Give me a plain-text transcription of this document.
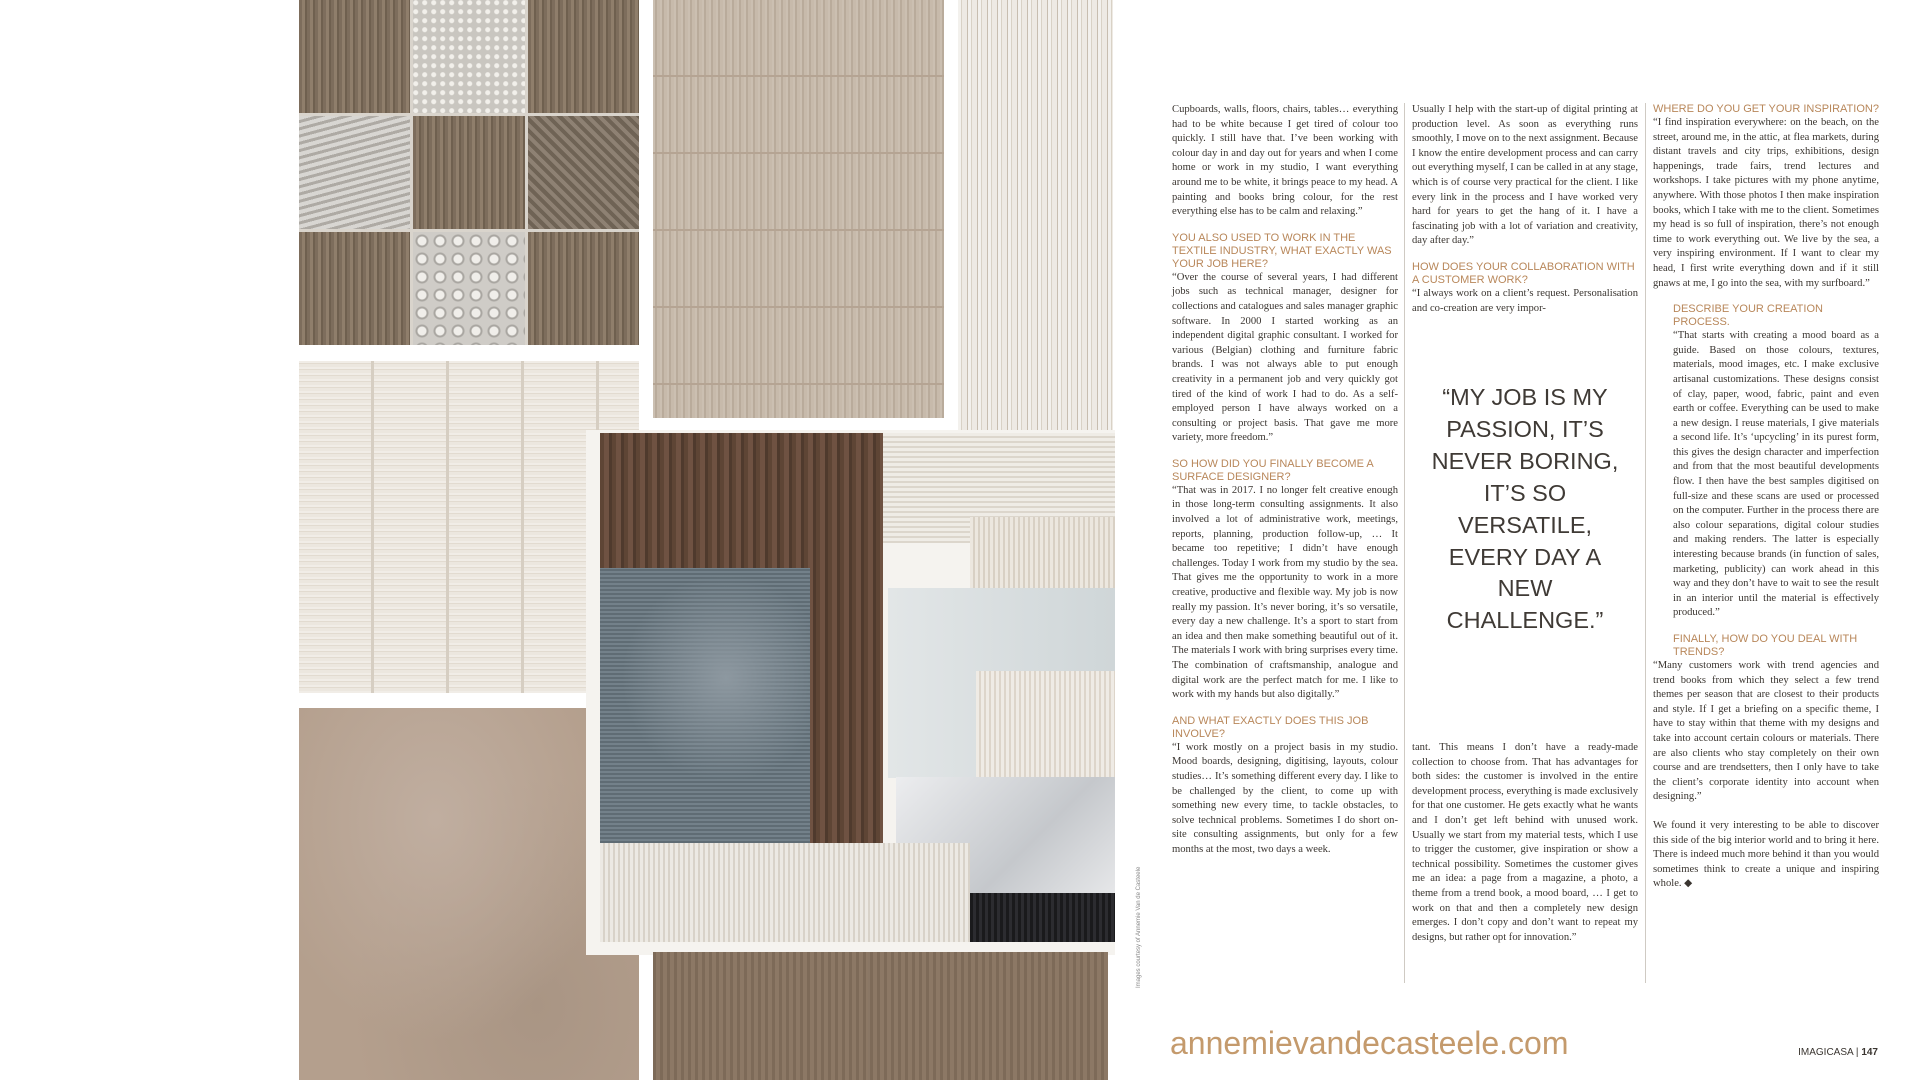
Images courtesy of Annemie Van de Casteele

Cupboards, walls, floors, chairs, tables… everything had to be white because I get tired of colour too quickly. I still have that. I’ve been working with colour day in and day out for years and when I come home or work in my studio, I want everything around me to be white, it brings peace to my head. A painting and books bring colour, for the rest everything else has to be calm and relaxing.”

YOU ALSO USED TO WORK IN THE TEXTILE INDUSTRY, WHAT EXACTLY WAS YOUR JOB HERE?

“Over the course of several years, I had different jobs such as technical manager, designer for collections and catalogues and sales manager graphic software. In 2000 I started working as an independent digital graphic consultant. I worked for various (Belgian) clothing and furniture fabric brands. I was not always able to put enough creativity in a permanent job and very quickly got tired of the kind of work I had to do. As a self-employed person I have always worked on a consulting or project basis. That gave me more variety, more freedom.”

SO HOW DID YOU FINALLY BECOME A SURFACE DESIGNER?

“That was in 2017. I no longer felt creative enough in those long-term consulting assignments. It also involved a lot of administrative work, meetings, reports, planning, production follow-up, … It became too repetitive; I didn’t have enough challenges. Today I work from my studio by the sea. That gives me the opportunity to work in a more creative, productive and flexible way. My job is now really my passion. It’s never boring, it’s so versatile, every day a new challenge. It’s a sport to start from an idea and then make something beautiful out of it. The materials I work with bring surprises every time. The combination of craftsmanship, analogue and digital work are the perfect match for me. I like to work with my hands but also digitally.”

AND WHAT EXACTLY DOES THIS JOB INVOLVE?

“I work mostly on a project basis in my studio. Mood boards, designing, digitising, layouts, colour studies… It’s something different every day. I like to be challenged by the client, to come up with something new every time, to tackle obstacles, to solve technical problems. Sometimes I do short on-site consulting assignments, but only for a few months at the most, two days a week.

Usually I help with the start-up of digital printing at production level. As soon as everything runs smoothly, I move on to the next assignment. Because I know the entire development process and can carry out everything myself, I can be called in at any stage, which is of course very practical for the client. I like every link in the process and I have worked very hard for years to get the hang of it. I have a fascinating job with a lot of variation and creativity, day after day.”

HOW DOES YOUR COLLABORATION WITH A CUSTOMER WORK?

“I always work on a client’s request. Personalisation and co-creation are very impor-

“MY JOB IS MY PASSION, IT’S NEVER BORING, IT’S SO VERSATILE, EVERY DAY A NEW CHALLENGE.”

tant. This means I don’t have a ready-made collection to choose from. That has advantages for both sides: the customer is involved in the entire development process, everything is made exclusively for that one customer. He gets exactly what he wants and I don’t get left behind with unused work. Usually we start from my material tests, which I use to trigger the customer, give inspiration or show a technical possibility. Sometimes the customer gives me an idea: a page from a magazine, a photo, a theme from a trend book, a mood board, … I get to work on that and then a completely new design emerges. I don’t copy and don’t want to repeat my designs, but rather opt for innovation.”

WHERE DO YOU GET YOUR INSPIRATION?

“I find inspiration everywhere: on the beach, on the street, around me, in the attic, at flea markets, during distant travels and city trips, exhibitions, design happenings, trade fairs, trend lectures and workshops. I take pictures with my phone anytime, anywhere. With those photos I then make inspiration books, which I take with me to the client. Sometimes my head is so full of inspiration, there’s not enough time to work everything out. We live by the sea, a very inspiring environment. If I want to clear my head, I first write everything down and if it still gnaws at me, I go into the sea, with my surfboard.”

DESCRIBE YOUR CREATION PROCESS.

“That starts with creating a mood board as a guide. Based on those colours, textures, materials, mood images, etc. I make exclusive artisanal customizations. These designs consist of clay, paper, wood, fabric, paint and even earth or coffee. Everything can be used to make a new design. I reuse materials, I give materials a second life. It’s ‘upcycling’ in its purest form, this gives the design character and imperfection and from that the most beautiful developments flow. I then have the best samples digitised on full-size and these scans are used or processed on the computer. Further in the process there are also colour separations, digital colour studies and making renders. The latter is especially interesting because brands (in function of sales, marketing, publicity) can work ahead in this way and they don’t have to wait to see the result in an interior until the material is effectively produced.”

FINALLY, HOW DO YOU DEAL WITH TRENDS?

“Many customers work with trend agencies and trend books from which they select a few trend themes per season that are closest to their products and style. If I get a briefing on a specific theme, I have to stay within that theme with my designs and take into account certain colours or materials. There are also clients who stay completely on their own course and are trendsetters, then I only have to take the client’s corporate identity into account when designing.”

We found it very interesting to be able to discover this side of the big interior world and to bring it here. There is indeed much more behind it than you would sometimes think to create a unique and inspiring whole. ◆

annemievandecasteele.com	IMAGICASA | 147
